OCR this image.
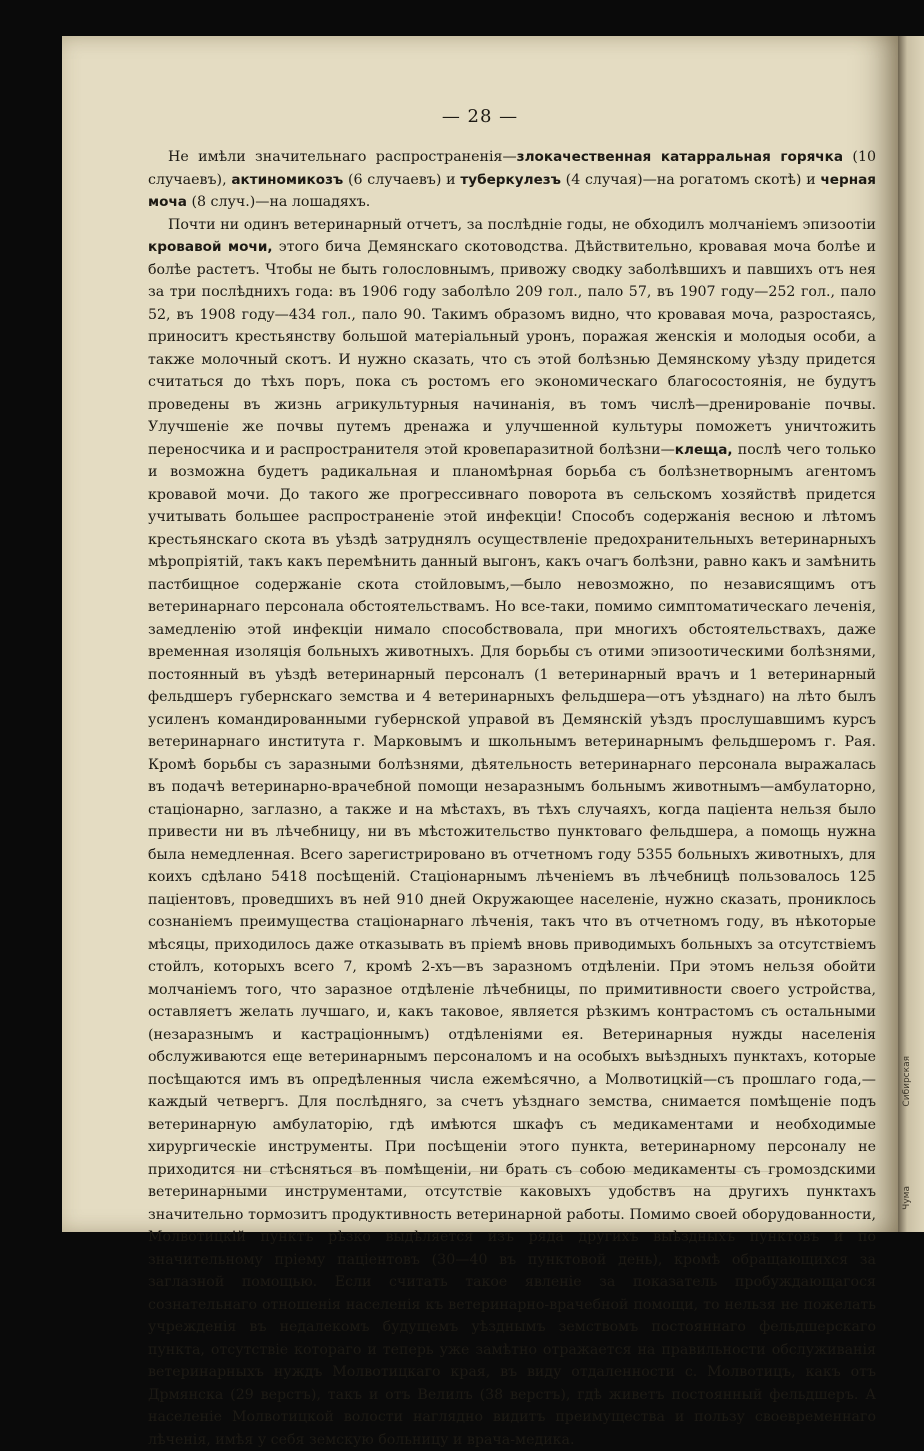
— 28 —

Не имѣли значительнаго распространенія—злокачественная катарральная горячка (10 случаевъ), актиномикозъ (6 случаевъ) и туберкулезъ (4 случая)—на рогатомъ скотѣ) и черная моча (8 случ.)—на лошадяхъ.

Почти ни одинъ ветеринарный отчетъ, за послѣдніе годы, не обходилъ молчаніемъ эпизоотіи кровавой мочи, этого бича Демянскаго скотоводства. Дѣйствительно, кровавая моча болѣе и болѣе растетъ. Чтобы не быть голословнымъ, привожу сводку заболѣвшихъ и павшихъ отъ нея за три послѣднихъ года: въ 1906 году заболѣло 209 гол., пало 57, въ 1907 году—252 гол., пало 52, въ 1908 году—434 гол., пало 90. Такимъ образомъ видно, что кровавая моча, разростаясь, приноситъ крестьянству большой матеріальный уронъ, поражая женскія и молодыя особи, а также молочный скотъ. И нужно сказать, что съ этой болѣзнью Демянскому уѣзду придется считаться до тѣхъ поръ, пока съ ростомъ его экономическаго благосостоянія, не будутъ проведены въ жизнь агрикультурныя начинанія, въ томъ числѣ—дренированіе почвы. Улучшеніе же почвы путемъ дренажа и улучшенной культуры поможетъ уничтожить переносчика и и распространителя этой кровепаразитной болѣзни—клеща, послѣ чего только и возможна будетъ радикальная и планомѣрная борьба съ болѣзнетворнымъ агентомъ кровавой мочи. До такого же прогрессивнаго поворота въ сельскомъ хозяйствѣ придется учитывать большее распространеніе этой инфекціи! Способъ содержанія весною и лѣтомъ крестьянскаго скота въ уѣздѣ затруднялъ осуществленіе предохранительныхъ ветеринарныхъ мѣропріятій, такъ какъ перемѣнить данный выгонъ, какъ очагъ болѣзни, равно какъ и замѣнить пастбищное содержаніе скота стойловымъ,—было невозможно, по независящимъ отъ ветеринарнаго персонала обстоятельствамъ. Но все-таки, помимо симптоматическаго леченія, замедленію этой инфекціи нимало способствовала, при многихъ обстоятельствахъ, даже временная изоляція больныхъ животныхъ. Для борьбы съ отими эпизоотическими болѣзнями, постоянный въ уѣздѣ ветеринарный персоналъ (1 ветеринарный врачъ и 1 ветеринарный фельдшеръ губернскаго земства и 4 ветеринарныхъ фельдшера—отъ уѣзднаго) на лѣто былъ усиленъ командированными губернской управой въ Демянскій уѣздъ прослушавшимъ курсъ ветеринарнаго института г. Марковымъ и школьнымъ ветеринарнымъ фельдшеромъ г. Рая. Кромѣ борьбы съ заразными болѣзнями, дѣятельность ветеринарнаго персонала выражалась въ подачѣ ветеринарно-врачебной помощи незаразнымъ больнымъ животнымъ—амбулаторно, стаціонарно, заглазно, а также и на мѣстахъ, въ тѣхъ случаяхъ, когда паціента нельзя было привести ни въ лѣчебницу, ни въ мѣстожительство пунктоваго фельдшера, а помощь нужна была немедленная. Всего зарегистрировано въ отчетномъ году 5355 больныхъ животныхъ, для коихъ сдѣлано 5418 посѣщеній. Стаціонарнымъ лѣченіемъ въ лѣчебницѣ пользовалось 125 паціентовъ, проведшихъ въ ней 910 дней Окружающее населеніе, нужно сказать, прониклось сознаніемъ преимущества стаціонарнаго лѣченія, такъ что въ отчетномъ году, въ нѣкоторые мѣсяцы, приходилось даже отказывать въ пріемѣ вновь приводимыхъ больныхъ за отсутствіемъ стойлъ, которыхъ всего 7, кромѣ 2-хъ—въ заразномъ отдѣленіи. При этомъ нельзя обойти молчаніемъ того, что заразное отдѣленіе лѣчебницы, по примитивности своего устройства, оставляетъ желать лучшаго, и, какъ таковое, является рѣзкимъ контрастомъ съ остальными (незаразнымъ и кастраціоннымъ) отдѣленіями ея. Ветеринарныя нужды населенія обслуживаются еще ветеринарнымъ персоналомъ и на особыхъ выѣздныхъ пунктахъ, которые посѣщаются имъ въ опредѣленныя числа ежемѣсячно, а Молвотицкій—съ прошлаго года,—каждый четвергъ. Для послѣдняго, за счетъ уѣзднаго земства, снимается помѣщеніе подъ ветеринарную амбулаторію, гдѣ имѣются шкафъ съ медикаментами и необходимые хирургическіе инструменты. При посѣщеніи этого пункта, ветеринарному персоналу не приходится ни стѣсняться въ помѣщеніи, ни брать съ собою медикаменты съ громоздскими ветеринарными инструментами, отсутствіе каковыхъ удобствъ на другихъ пунктахъ значительно тормозитъ продуктивность ветеринарной работы. Помимо своей оборудованности, Молвотицкій пунктъ рѣзко выдѣляется изъ ряда другихъ выѣздныхъ пунктовъ и по значительному пріему паціентовъ (30—40 въ пунктовой день), кромѣ обращающихся за заглазной помощью. Если считать такое явленіе за показатель пробуждающагося сознательнаго отношенія населенія къ ветеринарно-врачебной помощи, то нельзя не пожелать учрежденія въ недалекомъ будущемъ уѣзднымъ земствомъ постояннаго фельдшерскаго пункта, отсутствіе котораго и теперь уже замѣтно отражается на правильности обслуживанія ветеринарныхъ нуждъ Молвотицкаго края, въ виду отдаленности с. Молвотицъ, какъ отъ Дрмянска (29 верстъ), такъ и отъ Велилъ (38 верстъ), гдѣ живетъ постоянный фельдшеръ. А населеніе Молвотицкой волости наглядно видитъ преимущества и пользу своевременнаго лѣченія, имѣя у себя земскую больницу и врача-медика.

Сибирская
Чума
